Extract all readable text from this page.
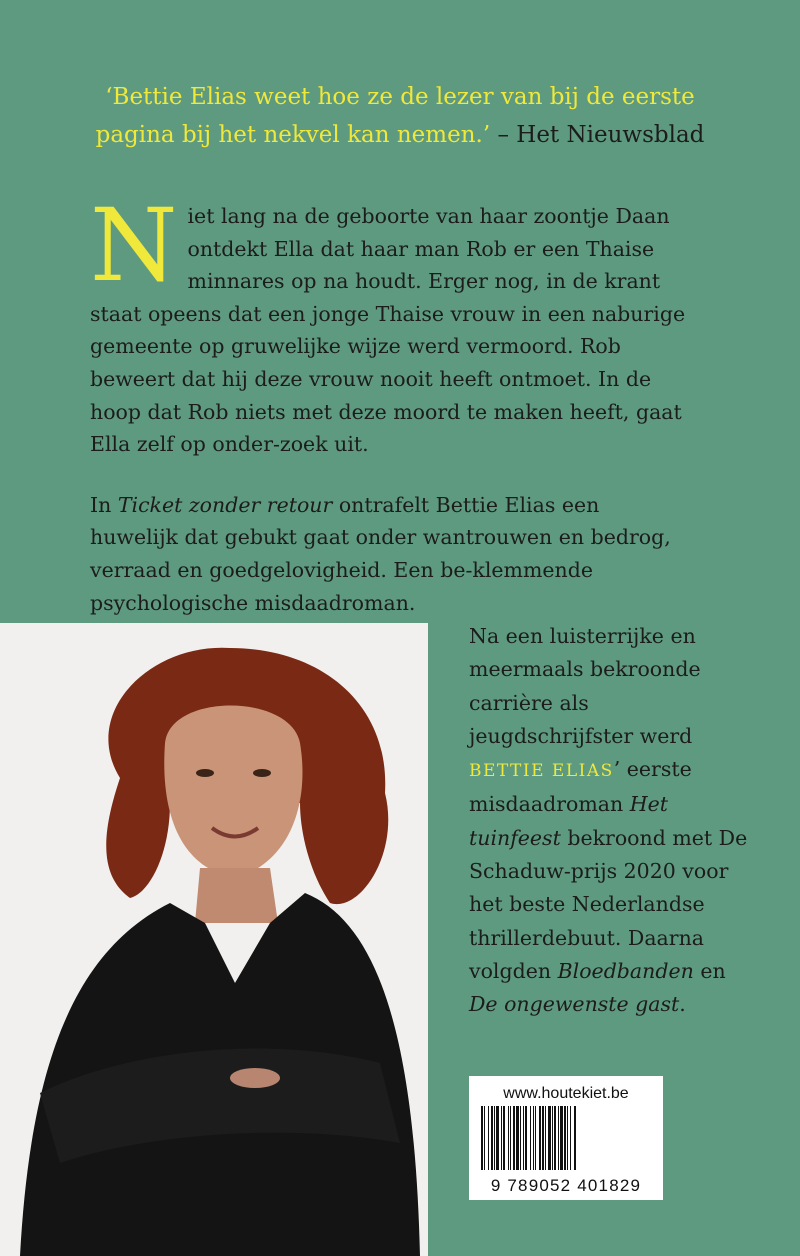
‘Bettie Elias weet hoe ze de lezer van bij de eerste pagina bij het nekvel kan nemen.’ – Het Nieuwsblad

Niet lang na de geboorte van haar zoontje Daan ontdekt Ella dat haar man Rob er een Thaise minnares op na houdt. Erger nog, in de krant staat opeens dat een jonge Thaise vrouw in een naburige gemeente op gruwelijke wijze werd vermoord. Rob beweert dat hij deze vrouw nooit heeft ontmoet. In de hoop dat Rob niets met deze moord te maken heeft, gaat Ella zelf op onder-zoek uit.

In Ticket zonder retour ontrafelt Bettie Elias een huwelijk dat gebukt gaat onder wantrouwen en bedrog, verraad en goedgelovigheid. Een be-klemmende psychologische misdaadroman.

Na een luisterrijke en meermaals bekroonde carrière als jeugdschrijfster werd BETTIE ELIAS’ eerste misdaadroman Het tuinfeest bekroond met De Schaduw-prijs 2020 voor het beste Nederlandse thrillerdebuut. Daarna volgden Bloedbanden en De ongewenste gast.
www.houtekiet.be
9 789052 401829
